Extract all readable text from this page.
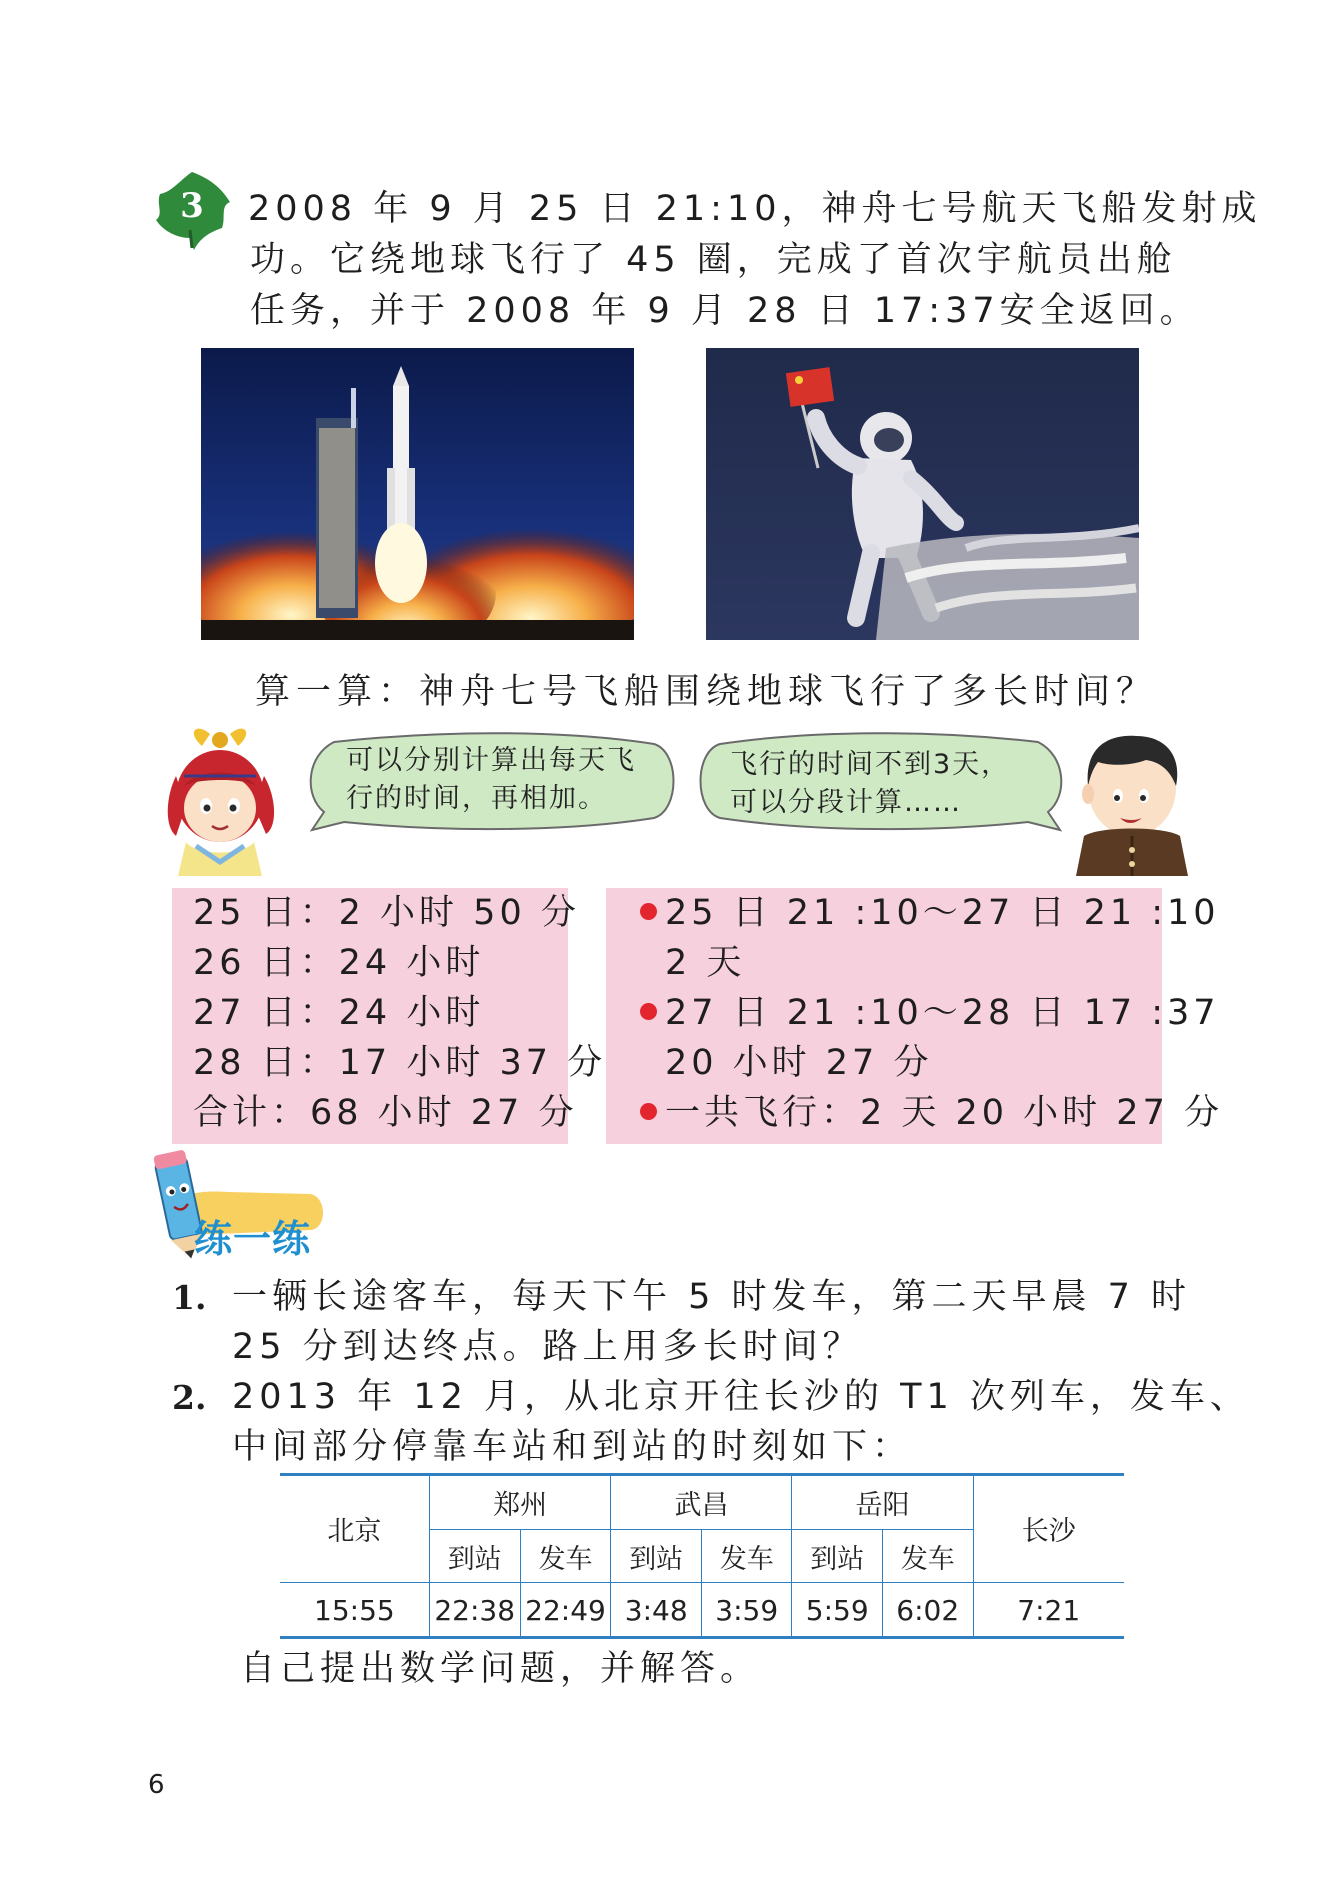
3 2008 年 9 月 25 日 21:10，神舟七号航天飞船发射成
功。它绕地球飞行了 45 圈，完成了首次宇航员出舱
任务，并于 2008 年 9 月 28 日 17:37安全返回。
算一算：神舟七号飞船围绕地球飞行了多长时间？
可以分别计算出每天飞
行的时间，再相加。
飞行的时间不到3天，
可以分段计算……
25 日：2 小时 50 分
26 日：24 小时
27 日：24 小时
28 日：17 小时 37 分
合计：68 小时 27 分
25 日 21 :10～27 日 21 :10
2 天
27 日 21 :10～28 日 17 :37
20 小时 27 分
一共飞行：2 天 20 小时 27 分
练一练
1. 一辆长途客车，每天下午 5 时发车，第二天早晨 7 时
25 分到达终点。路上用多长时间？
2. 2013 年 12 月，从北京开往长沙的 T1 次列车，发车、
中间部分停靠车站和到站的时刻如下：
北京	郑州		武昌		岳阳		长沙
	到站	发车	到站	发车	到站	发车	
15:55	22:38	22:49	3:48	3:59	5:59	6:02	7:21
自己提出数学问题，并解答。
6
